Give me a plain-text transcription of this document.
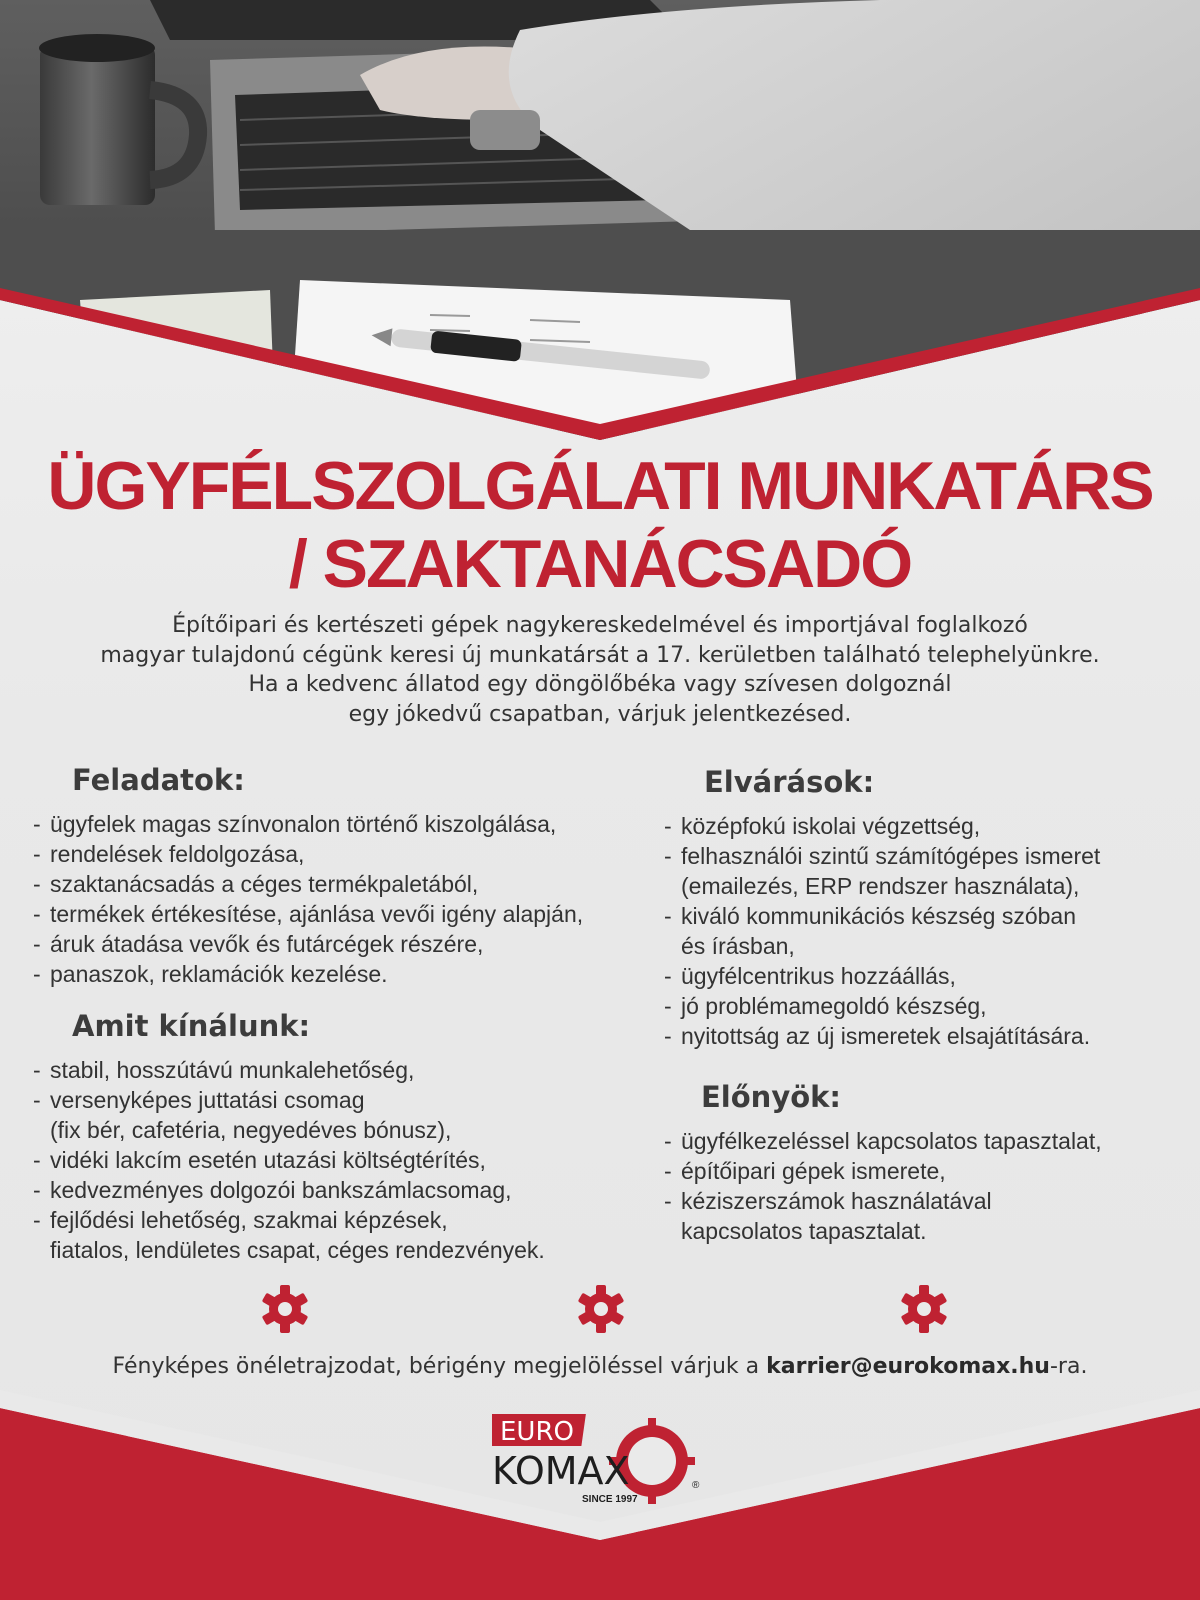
ÜGYFÉLSZOLGÁLATI MUNKATÁRS
/ SZAKTANÁCSADÓ
Építőipari és kertészeti gépek nagykereskedelmével és importjával foglalkozó
magyar tulajdonú cégünk keresi új munkatársát a 17. kerületben található telephelyünkre.
Ha a kedvenc állatod egy döngölőbéka vagy szívesen dolgoznál
egy jókedvű csapatban, várjuk jelentkezésed.
Feladatok:
- ügyfelek magas színvonalon történő kiszolgálása,
- rendelések feldolgozása,
- szaktanácsadás a céges termékpaletából,
- termékek értékesítése, ajánlása vevői igény alapján,
- áruk átadása vevők és futárcégek részére,
- panaszok, reklamációk kezelése.
Amit kínálunk:
- stabil, hosszútávú munkalehetőség,
- versenyképes juttatási csomag
(fix bér, cafetéria, negyedéves bónusz),
- vidéki lakcím esetén utazási költségtérítés,
- kedvezményes dolgozói bankszámlacsomag,
- fejlődési lehetőség, szakmai képzések,
fiatalos, lendületes csapat, céges rendezvények.
Elvárások:
- középfokú iskolai végzettség,
- felhasználói szintű számítógépes ismeret
(emailezés, ERP rendszer használata),
- kiváló kommunikációs készség szóban
és írásban,
- ügyfélcentrikus hozzáállás,
- jó problémamegoldó készség,
- nyitottság az új ismeretek elsajátítására.
Előnyök:
- ügyfélkezeléssel kapcsolatos tapasztalat,
- építőipari gépek ismerete,
- kéziszerszámok használatával
kapcsolatos tapasztalat.
Fényképes önéletrajzodat, bérigény megjelöléssel várjuk a karrier@eurokomax.hu-ra.
EURO
KOMAX
SINCE 1997
®
